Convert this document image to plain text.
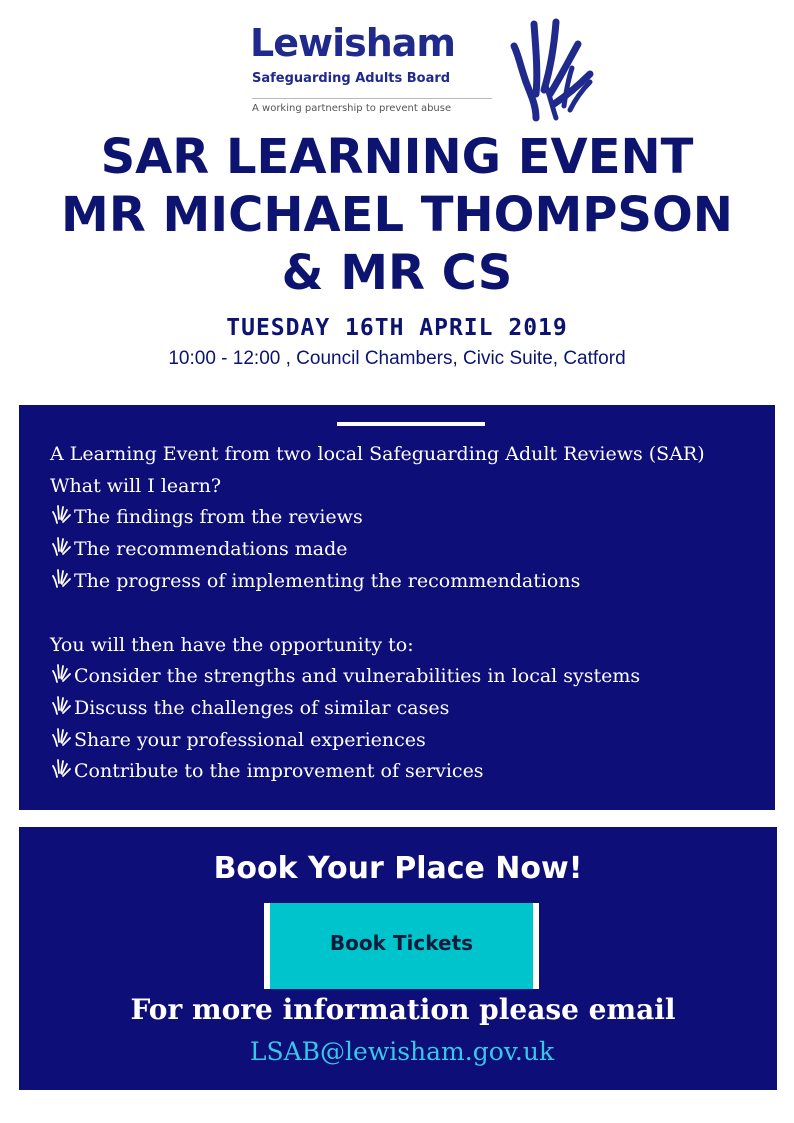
Lewisham
Safeguarding Adults Board
A working partnership to prevent abuse
SAR LEARNING EVENT
MR MICHAEL THOMPSON
& MR CS
TUESDAY 16TH APRIL 2019
10:00 - 12:00 , Council Chambers, Civic Suite, Catford
A Learning Event from two local Safeguarding Adult Reviews (SAR)
What will I learn?
The findings from the reviews
The recommendations made
The progress of implementing the recommendations
You will then have the opportunity to:
Consider the strengths and vulnerabilities in local systems
Discuss the challenges of similar cases
Share your professional experiences
Contribute to the improvement of services
Book Your Place Now!
Book Tickets
For more information please email
LSAB@lewisham.gov.uk
